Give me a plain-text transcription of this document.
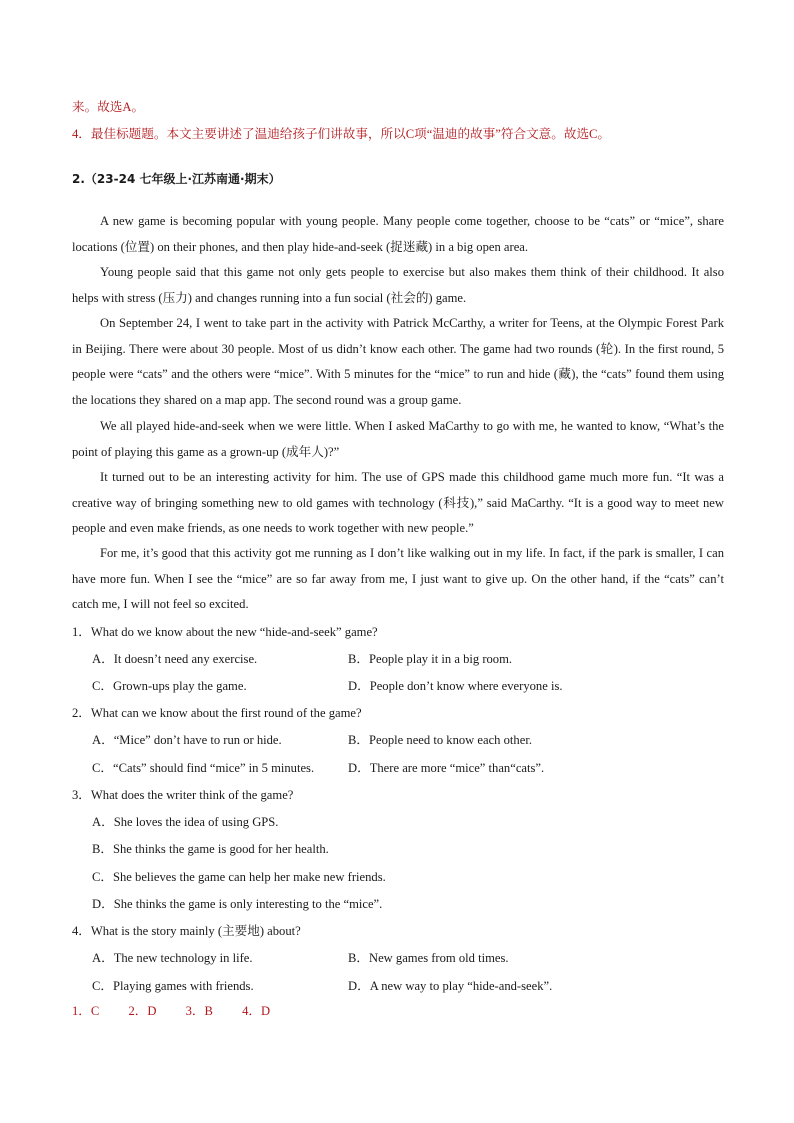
来。故选A。
4．最佳标题题。本文主要讲述了温迪给孩子们讲故事，所以C项“温迪的故事”符合文意。故选C。
2.（23-24 七年级上·江苏南通·期末）
A new game is becoming popular with young people. Many people come together, choose to be “cats” or “mice”, share locations (位置) on their phones, and then play hide-and-seek (捉迷藏) in a big open area.
Young people said that this game not only gets people to exercise but also makes them think of their childhood. It also helps with stress (压力) and changes running into a fun social (社会的) game.
On September 24, I went to take part in the activity with Patrick McCarthy, a writer for Teens, at the Olympic Forest Park in Beijing. There were about 30 people. Most of us didn’t know each other. The game had two rounds (轮). In the first round, 5 people were “cats” and the others were “mice”. With 5 minutes for the “mice” to run and hide (藏), the “cats” found them using the locations they shared on a map app. The second round was a group game.
We all played hide-and-seek when we were little. When I asked MaCarthy to go with me, he wanted to know, “What’s the point of playing this game as a grown-up (成年人)?”
It turned out to be an interesting activity for him. The use of GPS made this childhood game much more fun. “It was a creative way of bringing something new to old games with technology (科技),” said MaCarthy. “It is a good way to meet new people and even make friends, as one needs to work together with new people.”
For me, it’s good that this activity got me running as I don’t like walking out in my life. In fact, if the park is smaller, I can have more fun. When I see the “mice” are so far away from me, I just want to give up. On the other hand, if the “cats” can’t catch me, I will not feel so excited.
1．What do we know about the new “hide-and-seek” game?
A．It doesn’t need any exercise.	B．People play it in a big room.
C．Grown-ups play the game.	D．People don’t know where everyone is.
2．What can we know about the first round of the game?
A．“Mice” don’t have to run or hide.	B．People need to know each other.
C．“Cats” should find “mice” in 5 minutes.	D．There are more “mice” than“cats”.
3．What does the writer think of the game?
A．She loves the idea of using GPS.
B．She thinks the game is good for her health.
C．She believes the game can help her make new friends.
D．She thinks the game is only interesting to the “mice”.
4．What is the story mainly (主要地) about?
A．The new technology in life.	B．New games from old times.
C．Playing games with friends.	D．A new way to play “hide-and-seek”.
1．C 2．D 3．B 4．D
